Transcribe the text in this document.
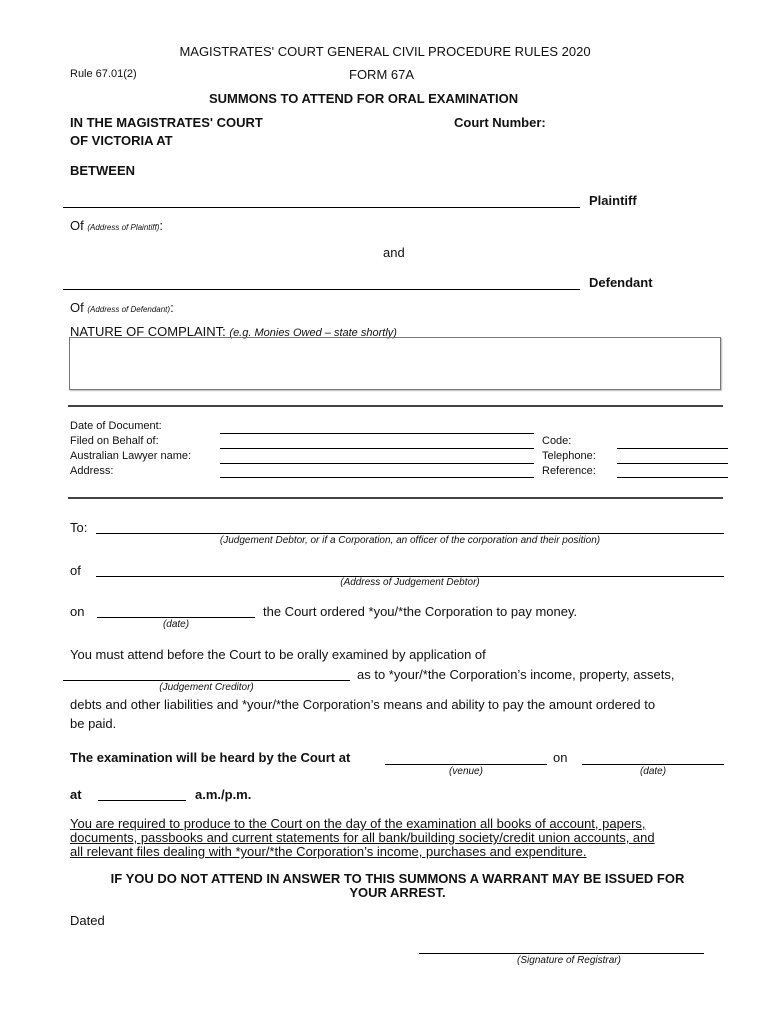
MAGISTRATES' COURT GENERAL CIVIL PROCEDURE RULES 2020
Rule 67.01(2)	FORM 67A
SUMMONS TO ATTEND FOR ORAL EXAMINATION
IN THE MAGISTRATES' COURT
OF VICTORIA AT
Court Number:
BETWEEN
Plaintiff
Of (Address of Plaintiff):
and
Defendant
Of (Address of Defendant):
NATURE OF COMPLAINT: (e.g. Monies Owed – state shortly)
Date of Document:
Filed on Behalf of:
Australian Lawyer name:
Address:
Code:
Telephone:
Reference:
To:
(Judgement Debtor, or if a Corporation, an officer of the corporation and their position)
of
(Address of Judgement Debtor)
on	the Court ordered *you/*the Corporation to pay money.
(date)
You must attend before the Court to be orally examined by application of
as to *your/*the Corporation’s income, property, assets,
(Judgement Creditor)
debts and other liabilities and *your/*the Corporation’s means and ability to pay the amount ordered to
be paid.
The examination will be heard by the Court at
(venue)
on
(date)
at	a.m./p.m.
You are required to produce to the Court on the day of the examination all books of account, papers,
documents, passbooks and current statements for all bank/building society/credit union accounts, and
all relevant files dealing with *your/*the Corporation’s income, purchases and expenditure.
IF YOU DO NOT ATTEND IN ANSWER TO THIS SUMMONS A WARRANT MAY BE ISSUED FOR
YOUR ARREST.
Dated
(Signature of Registrar)
